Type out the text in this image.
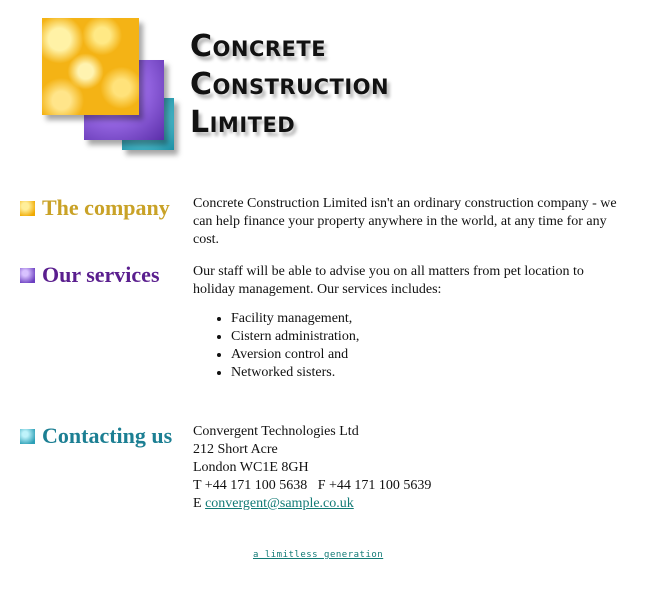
Concrete
Construction
Limited
The company Concrete Construction Limited isn't an ordinary construction company - we can help finance your property anywhere in the world, at any time for any cost.

Our services Our staff will be able to advise you on all matters from pet location to holiday management. Our services includes:

• Facility management,
• Cistern administration,
• Aversion control and
• Networked sisters.
Contacting us Convergent Technologies Ltd
212 Short Acre
London WC1E 8GH
T +44 171 100 5638   F +44 171 100 5639
E convergent@sample.co.uk
a limitless generation
